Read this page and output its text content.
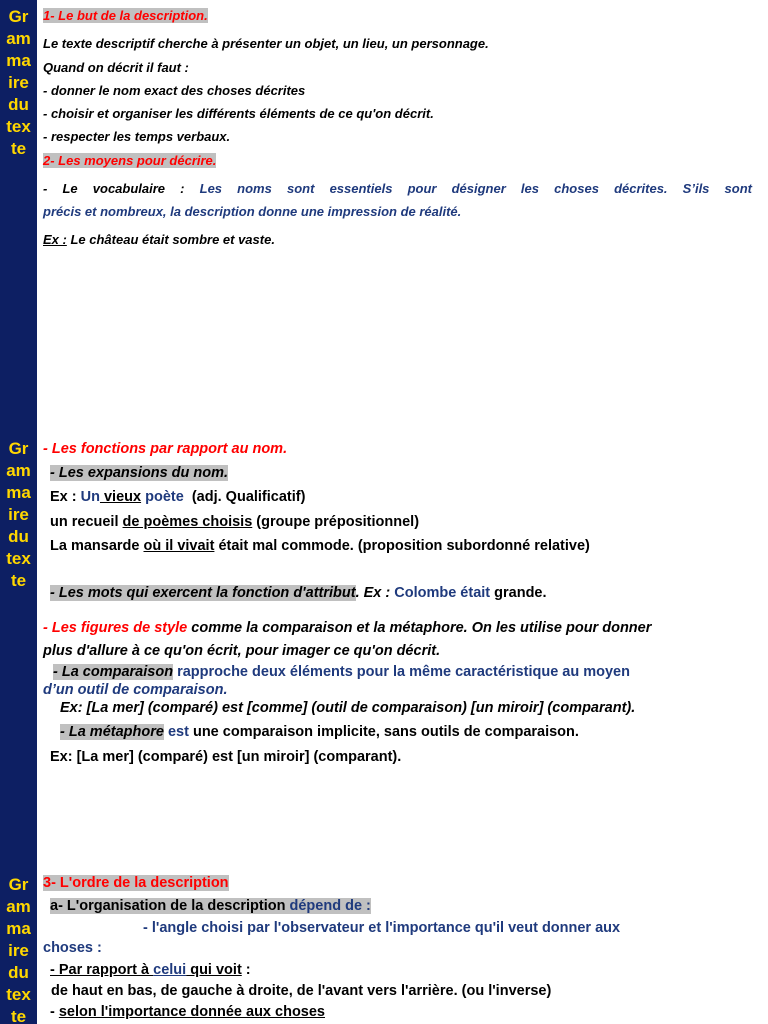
Gr
am
ma
ire
du
tex
te
1- Le but de la description.
Le texte descriptif cherche à présenter un objet, un lieu, un personnage.
Quand on décrit il faut :
- donner le nom exact des choses décrites
- choisir et organiser les différents éléments de ce qu'on décrit.
- respecter les temps verbaux.
2- Les moyens pour décrire.
- Le vocabulaire : Les noms sont essentiels pour désigner les choses décrites. S’ils sont
précis et nombreux, la description donne une impression de réalité.
Ex : Le château était sombre et vaste.
Gr
am
ma
ire
du
tex
te
- Les fonctions par rapport au nom.
- Les expansions du nom.
Ex : Un vieux poète (adj. Qualificatif)
un recueil de poèmes choisis (groupe prépositionnel)
La mansarde où il vivait était mal commode. (proposition subordonné relative)
- Les mots qui exercent la fonction d'attribut. Ex : Colombe était grande.
- Les figures de style comme la comparaison et la métaphore. On les utilise pour donner
plus d'allure à ce qu'on écrit, pour imager ce qu'on décrit.
- La comparaison rapproche deux éléments pour la même caractéristique au moyen
d’un outil de comparaison.
Ex: [La mer] (comparé) est [comme] (outil de comparaison) [un miroir] (comparant).
- La métaphore est une comparaison implicite, sans outils de comparaison.
Ex: [La mer] (comparé) est [un miroir] (comparant).
Gr
am
ma
ire
du
tex
te
3- L'ordre de la description
a- L'organisation de la description dépend de :
- l'angle choisi par l'observateur et l'importance qu'il veut donner aux
choses :
- Par rapport à celui qui voit :
de haut en bas, de gauche à droite, de l'avant vers l'arrière. (ou l'inverse)
- selon l'importance donnée aux choses
